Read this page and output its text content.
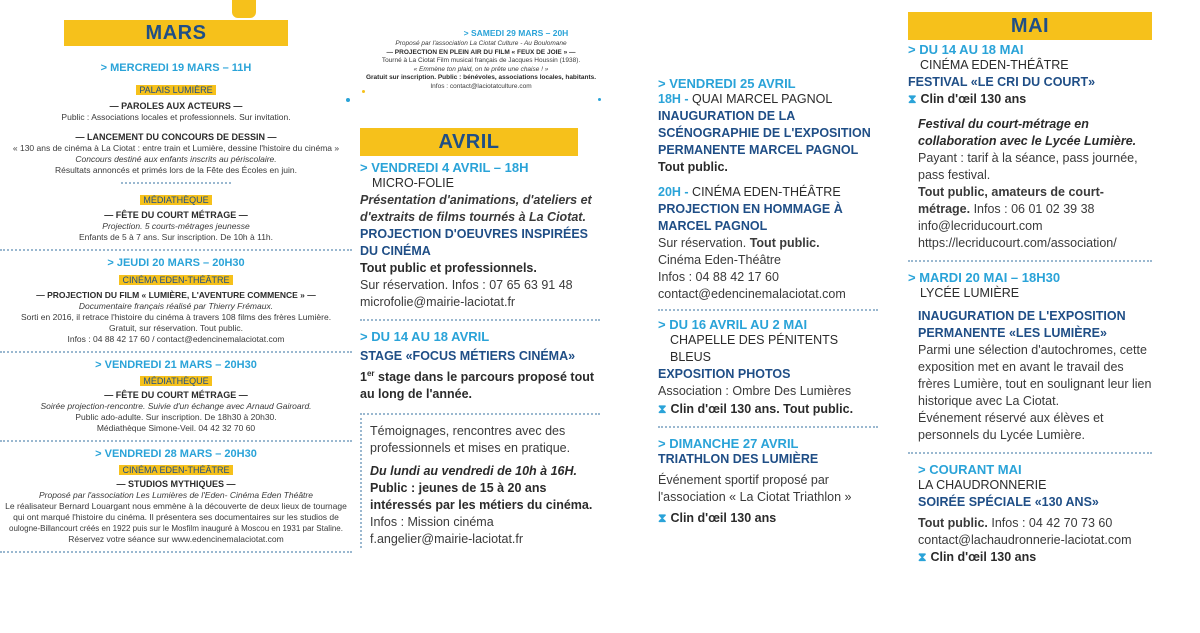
MARS
> MERCREDI 19 MARS – 11H
PALAIS LUMIÈRE
— PAROLES AUX ACTEURS —
Public : Associations locales et professionnels. Sur invitation.
— LANCEMENT DU CONCOURS DE DESSIN —
« 130 ans de cinéma à La Ciotat : entre train et Lumière, dessine l'histoire du cinéma »
Concours destiné aux enfants inscrits au périscolaire.
Résultats annoncés et primés lors de la Fête des Écoles en juin.
MÉDIATHÈQUE
— FÊTE DU COURT MÉTRAGE —
Projection. 5 courts-métrages jeunesse
Enfants de 5 à 7 ans. Sur inscription. De 10h à 11h.
> JEUDI 20 MARS – 20H30
CINÉMA EDEN-THÉÂTRE
— PROJECTION DU FILM « LUMIÈRE, L'AVENTURE COMMENCE » —
Documentaire français réalisé par Thierry Frémaux.
Sorti en 2016, il retrace l'histoire du cinéma à travers 108 films des frères Lumière.
Gratuit, sur réservation. Tout public.
Infos : 04 88 42 17 60 / contact@edencinemalaciotat.com
> VENDREDI 21 MARS – 20H30
MÉDIATHÈQUE
— FÊTE DU COURT MÉTRAGE —
Soirée projection-rencontre. Suivie d'un échange avec Arnaud Gairoard.
Public ado-adulte. Sur inscription. De 18h30 à 20h30.
Médiathèque Simone-Veil. 04 42 32 70 60
> VENDREDI 28 MARS – 20H30
CINÉMA EDEN-THÉÂTRE
— STUDIOS MYTHIQUES —
Proposé par l'association Les Lumières de l'Eden- Cinéma Eden Théâtre
Le réalisateur Bernard Louargant nous emmène à la découverte de deux lieux de tournage
qui ont marqué l'histoire du cinéma. Il présentera ses documentaires sur les studios de
oulogne-Billancourt créés en 1922 puis sur le Mosfilm inauguré à Moscou en 1931 par Staline.
Réservez votre séance sur www.edencinemalaciotat.com
> SAMEDI 29 MARS – 20H
Proposé par l'association La Ciotat Culture - Au Boulomane
— PROJECTION EN PLEIN AIR DU FILM « FEUX DE JOIE » —
Tourné à La Ciotat Film musical français de Jacques Houssin (1938).
« Emmène ton plaid, on te prête une chaise ! »
Gratuit sur inscription. Public : bénévoles, associations locales, habitants.
Infos : contact@laciotatculture.com
AVRIL
> VENDREDI 4 AVRIL – 18H
MICRO-FOLIE
Présentation d'animations, d'ateliers et d'extraits de films tournés à La Ciotat.
PROJECTION D'OEUVRES INSPIRÉES DU CINÉMA
Tout public et professionnels.
Sur réservation. Infos : 07 65 63 91 48
microfolie@mairie-laciotat.fr
> DU 14 AU 18 AVRIL
STAGE «FOCUS MÉTIERS CINÉMA»
1er stage dans le parcours proposé tout au long de l'année.
Témoignages, rencontres avec des professionnels et mises en pratique.
Du lundi au vendredi de 10h à 16H.
Public : jeunes de 15 à 20 ans intéressés par les métiers du cinéma.
Infos : Mission cinéma
f.angelier@mairie-laciotat.fr
> VENDREDI 25 AVRIL
18H - QUAI MARCEL PAGNOL
INAUGURATION DE LA SCÉNOGRAPHIE DE L'EXPOSITION PERMANENTE MARCEL PAGNOL
Tout public.
20H - CINÉMA EDEN-THÉÂTRE
PROJECTION EN HOMMAGE À MARCEL PAGNOL
Sur réservation. Tout public.
Cinéma Eden-Théâtre
Infos : 04 88 42 17 60
contact@edencinemalaciotat.com
> DU 16 AVRIL AU 2 MAI
CHAPELLE DES PÉNITENTS BLEUS
EXPOSITION PHOTOS
Association : Ombre Des Lumières
⧗ Clin d'œil 130 ans. Tout public.
> DIMANCHE 27 AVRIL
TRIATHLON DES LUMIÈRE
Événement sportif proposé par l'association « La Ciotat Triathlon »
⧗ Clin d'œil 130 ans
MAI
> DU 14 AU 18 MAI
CINÉMA EDEN-THÉÂTRE
FESTIVAL «LE CRI DU COURT»
⧗ Clin d'œil 130 ans
Festival du court-métrage en collaboration avec le Lycée Lumière.
Payant : tarif à la séance, pass journée, pass festival.
Tout public, amateurs de court-métrage. Infos : 06 01 02 39 38
info@lecriducourt.com
https://lecriducourt.com/association/
> MARDI 20 MAI – 18H30
LYCÉE LUMIÈRE
INAUGURATION DE L'EXPOSITION PERMANENTE «LES LUMIÈRE»
Parmi une sélection d'autochromes, cette exposition met en avant le travail des frères Lumière, tout en soulignant leur lien historique avec La Ciotat.
Événement réservé aux élèves et personnels du Lycée Lumière.
> COURANT MAI
LA CHAUDRONNERIE
SOIRÉE SPÉCIALE «130 ANS»
Tout public. Infos : 04 42 70 73 60
contact@lachaudronnerie-laciotat.com
⧗ Clin d'œil 130 ans
